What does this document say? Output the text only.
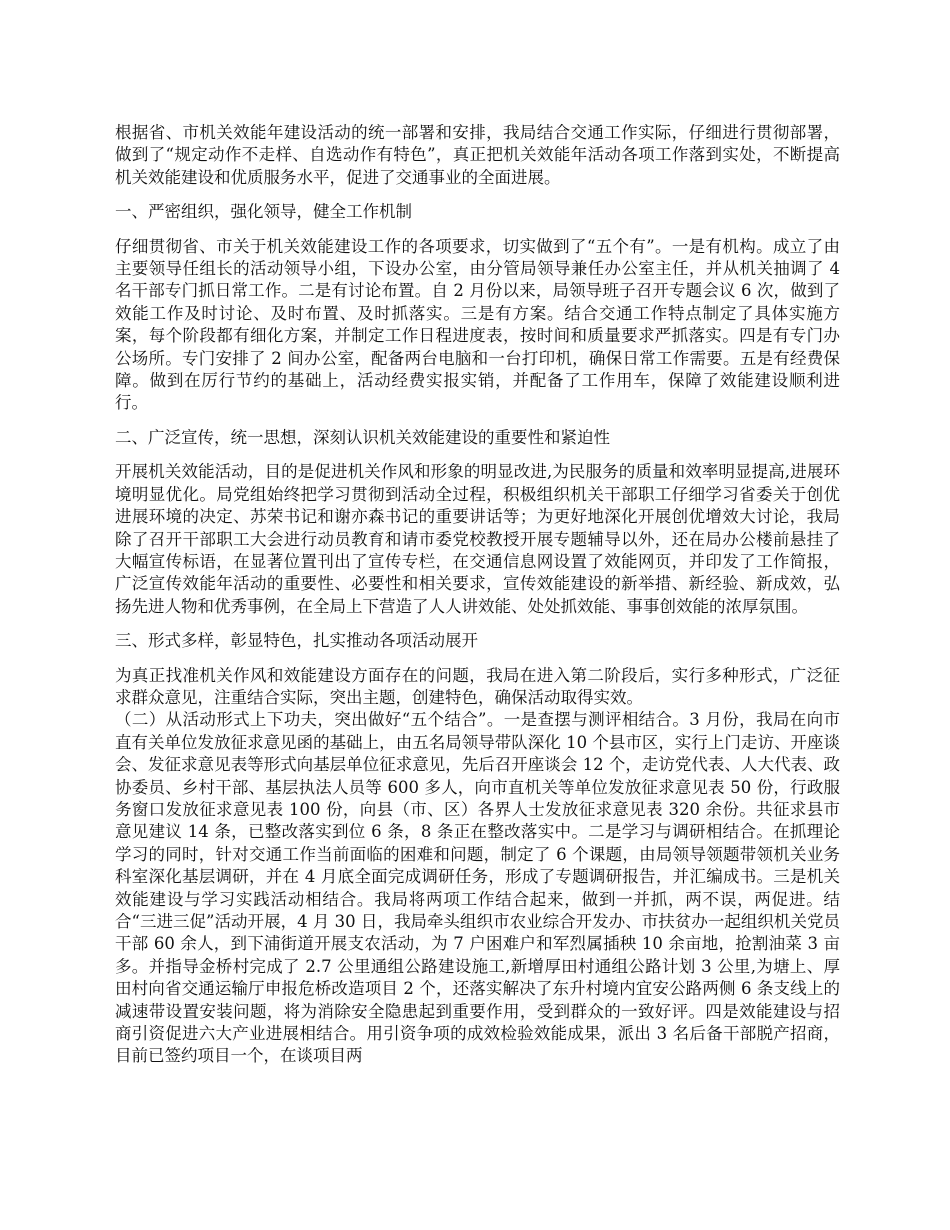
根据省、市机关效能年建设活动的统一部署和安排，我局结合交通工作实际，仔细进行贯彻部署，做到了“规定动作不走样、自选动作有特色”，真正把机关效能年活动各项工作落到实处，不断提高机关效能建设和优质服务水平，促进了交通事业的全面进展。

一、严密组织，强化领导，健全工作机制

仔细贯彻省、市关于机关效能建设工作的各项要求，切实做到了“五个有”。一是有机构。成立了由主要领导任组长的活动领导小组，下设办公室，由分管局领导兼任办公室主任，并从机关抽调了 4 名干部专门抓日常工作。二是有讨论布置。自 2 月份以来，局领导班子召开专题会议 6 次，做到了效能工作及时讨论、及时布置、及时抓落实。三是有方案。结合交通工作特点制定了具体实施方案，每个阶段都有细化方案，并制定工作日程进度表，按时间和质量要求严抓落实。四是有专门办公场所。专门安排了 2 间办公室，配备两台电脑和一台打印机，确保日常工作需要。五是有经费保障。做到在厉行节约的基础上，活动经费实报实销，并配备了工作用车，保障了效能建设顺利进行。

二、广泛宣传，统一思想，深刻认识机关效能建设的重要性和紧迫性

开展机关效能活动，目的是促进机关作风和形象的明显改进,为民服务的质量和效率明显提高,进展环境明显优化。局党组始终把学习贯彻到活动全过程，积极组织机关干部职工仔细学习省委关于创优进展环境的决定、苏荣书记和谢亦森书记的重要讲话等；为更好地深化开展创优增效大讨论，我局除了召开干部职工大会进行动员教育和请市委党校教授开展专题辅导以外，还在局办公楼前悬挂了大幅宣传标语，在显著位置刊出了宣传专栏，在交通信息网设置了效能网页，并印发了工作简报，广泛宣传效能年活动的重要性、必要性和相关要求，宣传效能建设的新举措、新经验、新成效，弘扬先进人物和优秀事例，在全局上下营造了人人讲效能、处处抓效能、事事创效能的浓厚氛围。

三、形式多样，彰显特色，扎实推动各项活动展开

为真正找准机关作风和效能建设方面存在的问题，我局在进入第二阶段后，实行多种形式，广泛征求群众意见，注重结合实际，突出主题，创建特色，确保活动取得实效。

（二）从活动形式上下功夫，突出做好“五个结合”。一是查摆与测评相结合。3 月份，我局在向市直有关单位发放征求意见函的基础上，由五名局领导带队深化 10 个县市区，实行上门走访、开座谈会、发征求意见表等形式向基层单位征求意见，先后召开座谈会 12 个，走访党代表、人大代表、政协委员、乡村干部、基层执法人员等 600 多人，向市直机关等单位发放征求意见表 50 份，行政服务窗口发放征求意见表 100 份，向县（市、区）各界人士发放征求意见表 320 余份。共征求县市意见建议 14 条，已整改落实到位 6 条，8 条正在整改落实中。二是学习与调研相结合。在抓理论学习的同时，针对交通工作当前面临的困难和问题，制定了 6 个课题，由局领导领题带领机关业务科室深化基层调研，并在 4 月底全面完成调研任务，形成了专题调研报告，并汇编成书。三是机关效能建设与学习实践活动相结合。我局将两项工作结合起来，做到一并抓，两不误，两促进。结合“三进三促”活动开展，4 月 30 日，我局牵头组织市农业综合开发办、市扶贫办一起组织机关党员干部 60 余人，到下浦街道开展支农活动，为 7 户困难户和军烈属插秧 10 余亩地，抢割油菜 3 亩多。并指导金桥村完成了 2.7 公里通组公路建设施工,新增厚田村通组公路计划 3 公里,为塘上、厚田村向省交通运输厅申报危桥改造项目 2 个，还落实解决了东升村境内宜安公路两侧 6 条支线上的减速带设置安装问题，将为消除安全隐患起到重要作用，受到群众的一致好评。四是效能建设与招商引资促进六大产业进展相结合。用引资争项的成效检验效能成果，派出 3 名后备干部脱产招商，目前已签约项目一个，在谈项目两
